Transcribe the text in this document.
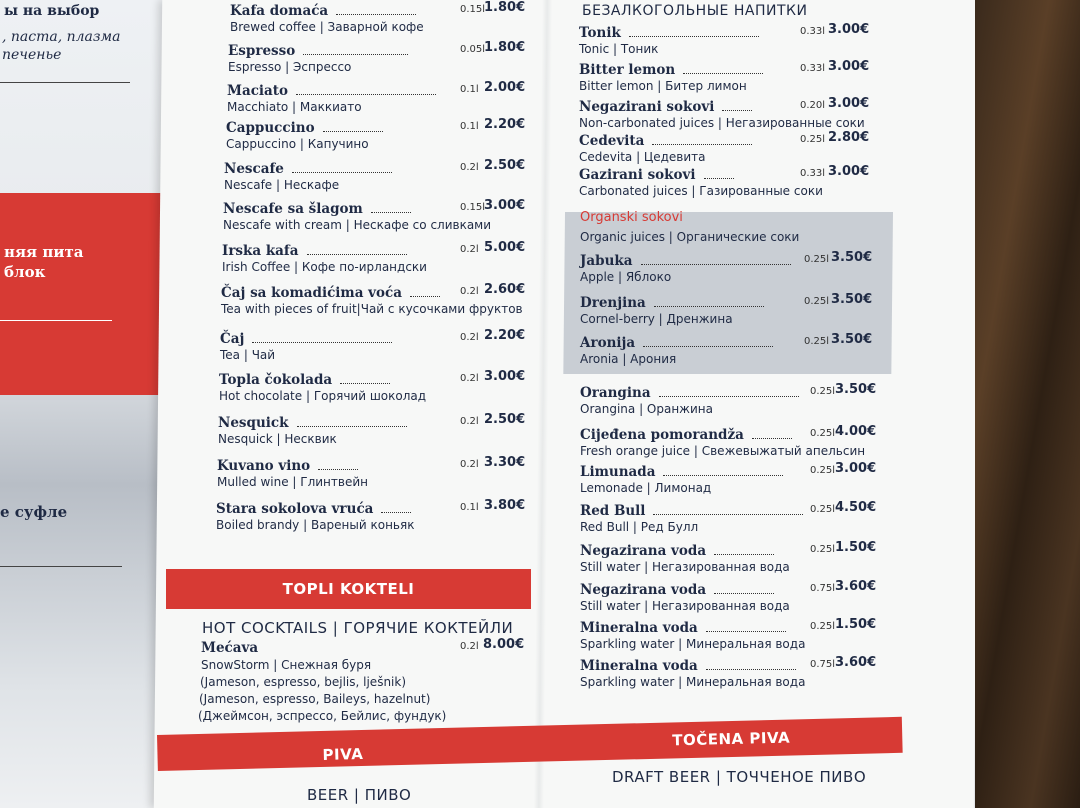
ы на выбор
, паста, плазма
печенье
няя пита
блок
е суфле
Kafa domaća
Brewed coffee | Заварной кофе
0.15l
1.80€
Espresso
Espresso | Эспрессо
0.05l
1.80€
Maciato
Macchiato | Маккиато
0.1l 2.00€
Cappuccino
Cappuccino | Капучино
0.1l 2.20€
Nescafe
Nescafe | Нескафе
0.2l 2.50€
Nescafe sa šlagom
Nescafe with cream | Нескафе со сливками
0.15l
3.00€
Irska kafa
Irish Coffee | Кофе по-ирландски
0.2l 5.00€
Čaj sa komadićima voća
Tea with pieces of fruit|Чай с кусочками фруктов
0.2l 2.60€
Čaj
Tea | Чай
0.2l 2.20€
Topla čokolada
Hot chocolate | Горячий шоколад
0.2l 3.00€
Nesquick
Nesquick | Несквик
0.2l 2.50€
Kuvano vino
Mulled wine | Глинтвейн
0.2l 3.30€
Stara sokolova vruća
Boiled brandy | Вареный коньяк
0.1l 3.80€
Tonik
Tonic | Тоник
0.33l 3.00€
Bitter lemon
Bitter lemon | Битер лимон
0.33l 3.00€
Negazirani sokovi
Non-carbonated juices | Негазированные соки
0.20l 3.00€
Cedevita
Cedevita | Цедевита
0.25l 2.80€
Gazirani sokovi
Carbonated juices | Газированные соки
0.33l 3.00€
Jabuka
Apple | Яблоко
0.25l 3.50€
Drenjina
Cornel-berry | Дренжина
0.25l 3.50€
Aronija
Aronia | Арония
0.25l 3.50€
Orangina
Orangina | Оранжина
0.25l 3.50€
Cijeđena pomorandža
Fresh orange juice | Свежевыжатый апельсин
0.25l 4.00€
Limunada
Lemonade | Лимонад
0.25l 3.00€
Red Bull
Red Bull | Ред Булл
0.25l 4.50€
Negazirana voda
Still water | Негазированная вода
0.25l 1.50€
Negazirana voda
Still water | Негазированная вода
0.75l 3.60€
Mineralna voda
Sparkling water | Минеральная вода
0.25l 1.50€
Mineralna voda
Sparkling water | Минеральная вода
0.75l 3.60€
TOPLI KOKTELI
HOT COCKTAILS | ГОРЯЧИЕ КОКТЕЙЛИ
Mećava	0.2l 8.00€
SnowStorm | Снежная буря
(Jameson, espresso, bejlis, lješnik)
(Jameson, espresso, Baileys, hazelnut)
(Джеймсон, эспрессо, Бейлис, фундук)
PIVA
TOČENA PIVA
BEER | ПИВО
DRAFT BEER | ТОЧЧЕНОЕ ПИВО
БЕЗАЛКОГОЛЬНЫЕ НАПИТКИ
Organski sokovi
Organic juices | Органические соки
